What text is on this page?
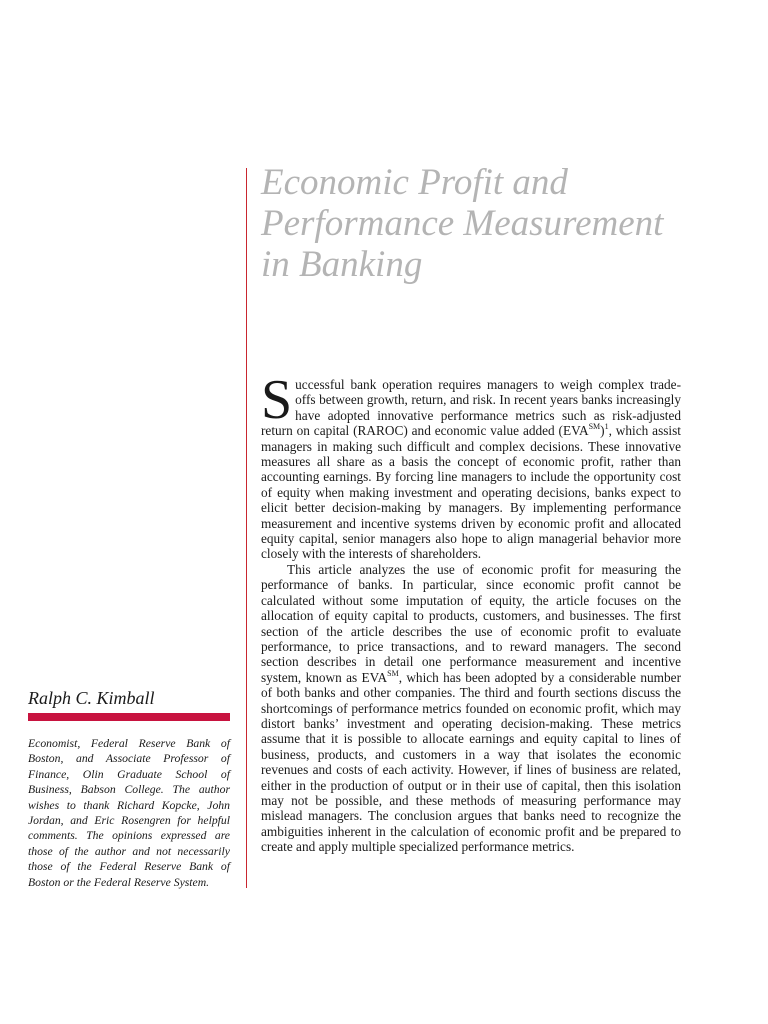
Economic Profit and Performance Measurement in Banking

Successful bank operation requires managers to weigh complex trade-offs between growth, return, and risk. In recent years banks increasingly have adopted innovative performance metrics such as risk-adjusted return on capital (RAROC) and economic value added $(EVA℠)^1$, which assist managers in making such difficult and complex decisions. These innovative measures all share as a basis the concept of economic profit, rather than accounting earnings. By forcing line managers to include the opportunity cost of equity when making investment and operating decisions, banks expect to elicit better decision-making by managers. By implementing performance measurement and incentive systems driven by economic profit and allocated equity capital, senior managers also hope to align managerial behavior more closely with the interests of shareholders.

This article analyzes the use of economic profit for measuring the performance of banks. In particular, since economic profit cannot be calculated without some imputation of equity, the article focuses on the allocation of equity capital to products, customers, and businesses. The first section of the article describes the use of economic profit to evaluate performance, to price transactions, and to reward managers. The second section describes in detail one performance measurement and incentive system, known as EVA℠, which has been adopted by a considerable number of both banks and other companies. The third and fourth sections discuss the shortcomings of performance metrics founded on economic profit, which may distort banks’ investment and operating decision-making. These metrics assume that it is possible to allocate earnings and equity capital to lines of business, products, and customers in a way that isolates the economic revenues and costs of each activity. However, if lines of business are related, either in the production of output or in their use of capital, then this isolation may not be possible, and these methods of measuring performance may mislead managers. The conclusion argues that banks need to recognize the ambiguities inherent in the calculation of economic profit and be prepared to create and apply multiple specialized performance metrics.

Ralph C. Kimball

Economist, Federal Reserve Bank of Boston, and Associate Professor of Finance, Olin Graduate School of Business, Babson College. The author wishes to thank Richard Kopcke, John Jordan, and Eric Rosengren for helpful comments. The opinions expressed are those of the author and not necessarily those of the Federal Reserve Bank of Boston or the Federal Reserve System.
